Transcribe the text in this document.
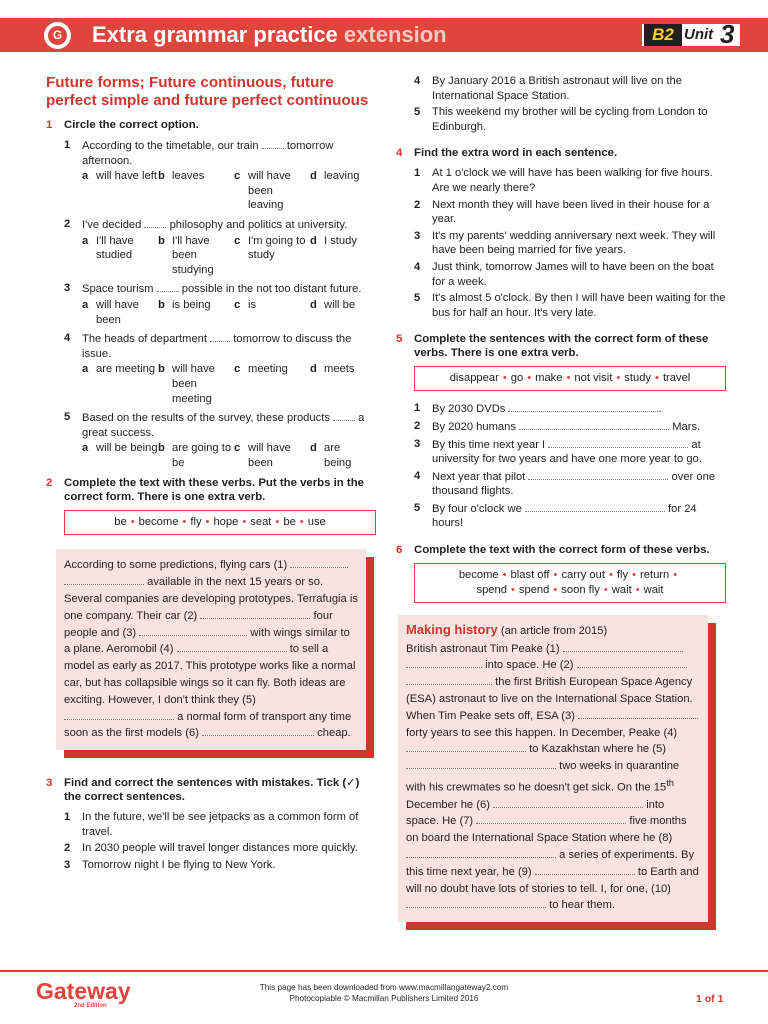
G Extra grammar practice extension	B2 Unit 3
Future forms; Future continuous, future perfect simple and future perfect continuous
1 Circle the correct option.
1 According to the timetable, our train	tomorrow afternoon.
a will have left b leaves	c will have been leaving
d leaving
2 I've decided	philosophy and politics at university.
a I'll have studied
b I'll have been studying
c I'm going to study
d I study
3 Space tourism	possible in the not too distant future.
a will have been
b is being	c is	d will be
4 The heads of department tomorrow to discuss the issue.
a are meeting b will have been meeting
c meeting	d meets
5 Based on the results of the survey, these products	a great success.
a will be being b are going to be
c will have been
d are being
2 Complete the text with these verbs. Put the verbs in the correct form. There is one extra verb.
be • become • fly • hope • seat • be • use

According to some predictions, flying cars (1)   available in the next 15 years or so. Several companies are developing prototypes. Terrafugia is one company. Their car (2)	four people and (3)	with wings similar to a plane. Aeromobil (4)	to sell a model as early as 2017. This prototype works like a normal car, but has collapsible wings so it can fly. Both ideas are exciting. However, I don't think they (5)  a normal form of transport any time soon as the first models (6)	cheap.

3 Find and correct the sentences with mistakes. Tick (✓) the correct sentences.
1 In the future, we'll be see jetpacks as a common form of travel.
2 In 2030 people will travel longer distances more quickly.
3 Tomorrow night I be flying to New York.
4 By January 2016 a British astronaut will live on the International Space Station.
5 This weekend my brother will be cycling from London to Edinburgh.
4 Find the extra word in each sentence.
1 At 1 o'clock we will have has been walking for five hours. Are we nearly there?
2 Next month they will have been lived in their house for a year.
3 It's my parents' wedding anniversary next week. They will have been being married for five years.
4 Just think, tomorrow James will to have been on the boat for a week.
5 It's almost 5 o'clock. By then I will have been waiting for the bus for half an hour. It's very late.
5 Complete the sentences with the correct form of these verbs. There is one extra verb.
disappear • go • make • not visit • study • travel
1 By 2030 DVDs	.
2 By 2020 humans	Mars.
3 By this time next year I	at university for two years and have one more year to go.
4 Next year that pilot	over one thousand flights.
5 By four o'clock we	for 24 hours!
6 Complete the text with the correct form of these verbs.
become • blast off • carry out • fly • return •
spend • spend • soon fly • wait • wait
Making history (an article from 2015)

British astronaut Tim Peake (1)   into space. He (2)   the first British European Space Agency (ESA) astronaut to live on the International Space Station. When Tim Peake sets off, ESA (3)  forty years to see this happen. In December, Peake (4)  to Kazakhstan where he (5)  two weeks in quarantine with his crewmates so he doesn't get sick. On the 15th December he (6)	into space. He (7)	five months on board the International Space Station where he (8)  a series of experiments. By this time next year, he (9)	to Earth and will no doubt have lots of stories to tell. I, for one, (10)  to hear them.

Gateway
2nd Edition
This page has been downloaded from www.macmillangateway2.com
Photocopiable © Macmillan Publishers Limited 2016	1 of 1
